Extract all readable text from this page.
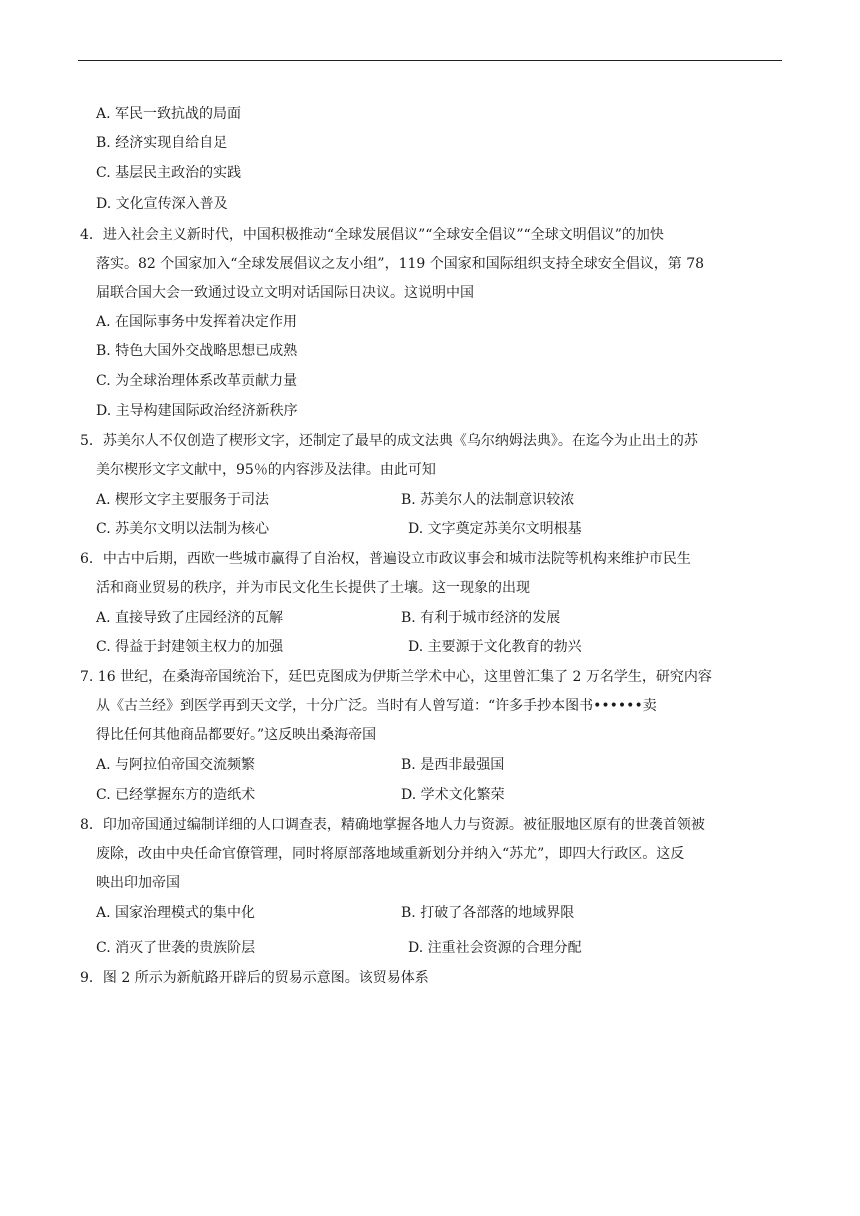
A. 军民一致抗战的局面
B. 经济实现自给自足
C. 基层民主政治的实践
D. 文化宣传深入普及
4．进入社会主义新时代，中国积极推动“全球发展倡议”“全球安全倡议”“全球文明倡议”的加快
落实。82 个国家加入“全球发展倡议之友小组”，119 个国家和国际组织支持全球安全倡议，第 78
届联合国大会一致通过设立文明对话国际日决议。这说明中国
A. 在国际事务中发挥着决定作用
B. 特色大国外交战略思想已成熟
C. 为全球治理体系改革贡献力量
D. 主导构建国际政治经济新秩序
5．苏美尔人不仅创造了楔形文字，还制定了最早的成文法典《乌尔纳姆法典》。在迄今为止出土的苏
美尔楔形文字文献中，95％的内容涉及法律。由此可知
A. 楔形文字主要服务于司法	B. 苏美尔人的法制意识较浓
C. 苏美尔文明以法制为核心	D. 文字奠定苏美尔文明根基
6．中古中后期，西欧一些城市赢得了自治权，普遍设立市政议事会和城市法院等机构来维护市民生
活和商业贸易的秩序，并为市民文化生长提供了土壤。这一现象的出现
A. 直接导致了庄园经济的瓦解	B. 有利于城市经济的发展
C. 得益于封建领主权力的加强	D. 主要源于文化教育的勃兴
7. 16 世纪，在桑海帝国统治下，廷巴克图成为伊斯兰学术中心，这里曾汇集了 2 万名学生，研究内容
从《古兰经》到医学再到天文学，十分广泛。当时有人曾写道：“许多手抄本图书••••••卖
得比任何其他商品都要好。”这反映出桑海帝国
A. 与阿拉伯帝国交流频繁	B. 是西非最强国
C. 已经掌握东方的造纸术	D. 学术文化繁荣
8．印加帝国通过编制详细的人口调查表，精确地掌握各地人力与资源。被征服地区原有的世袭首领被
废除，改由中央任命官僚管理，同时将原部落地域重新划分并纳入“苏尤”，即四大行政区。这反
映出印加帝国
A. 国家治理模式的集中化	B. 打破了各部落的地域界限
C. 消灭了世袭的贵族阶层	D. 注重社会资源的合理分配
9．图 2 所示为新航路开辟后的贸易示意图。该贸易体系
